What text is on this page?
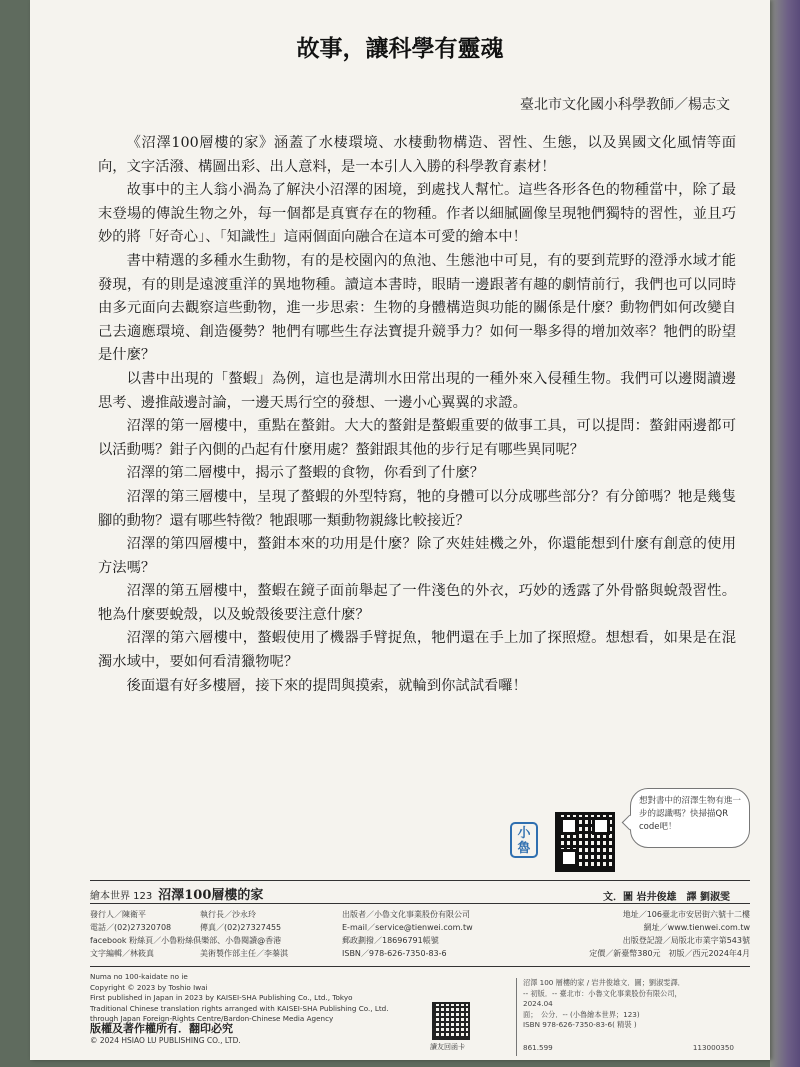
故事，讓科學有靈魂
臺北市文化國小科學教師／楊志文

《沼澤100層樓的家》涵蓋了水棲環境、水棲動物構造、習性、生態，以及異國文化風情等面向，文字活潑、構圖出彩、出人意料，是一本引人入勝的科學教育素材！

故事中的主人翁小渦為了解決小沼澤的困境，到處找人幫忙。這些各形各色的物種當中，除了最末登場的傳說生物之外，每一個都是真實存在的物種。作者以細膩圖像呈現牠們獨特的習性，並且巧妙的將「好奇心」、「知識性」這兩個面向融合在這本可愛的繪本中！

書中精選的多種水生動物，有的是校園內的魚池、生態池中可見，有的要到荒野的澄淨水域才能發現，有的則是遠渡重洋的異地物種。讀這本書時，眼睛一邊跟著有趣的劇情前行，我們也可以同時由多元面向去觀察這些動物，進一步思索：生物的身體構造與功能的關係是什麼？動物們如何改變自己去適應環境、創造優勢？牠們有哪些生存法寶提升競爭力？如何一舉多得的增加效率？牠們的盼望是什麼？

以書中出現的「螯蝦」為例，這也是溝圳水田常出現的一種外來入侵種生物。我們可以邊閱讀邊思考、邊推敲邊討論，一邊天馬行空的發想、一邊小心翼翼的求證。

沼澤的第一層樓中，重點在螯鉗。大大的螯鉗是螯蝦重要的做事工具，可以提問：螯鉗兩邊都可以活動嗎？鉗子內側的凸起有什麼用處？螯鉗跟其他的步行足有哪些異同呢？

沼澤的第二層樓中，揭示了螯蝦的食物，你看到了什麼？

沼澤的第三層樓中，呈現了螯蝦的外型特寫，牠的身體可以分成哪些部分？有分節嗎？牠是幾隻腳的動物？還有哪些特徵？牠跟哪一類動物親緣比較接近？

沼澤的第四層樓中，螯鉗本來的功用是什麼？除了夾娃娃機之外，你還能想到什麼有創意的使用方法嗎？

沼澤的第五層樓中，螯蝦在鏡子面前舉起了一件淺色的外衣，巧妙的透露了外骨骼與蛻殼習性。牠為什麼要蛻殼，以及蛻殼後要注意什麼？

沼澤的第六層樓中，螯蝦使用了機器手臂捉魚，牠們還在手上加了探照燈。想想看，如果是在混濁水域中，要如何看清獵物呢？

後面還有好多樓層，接下來的提問與摸索，就輪到你試試看囉！

想對書中的沼澤生物有進一步的認識嗎？快掃描QR code吧！
小魯
繪本世界 123 沼澤100層樓的家	文．圖 岩井俊雄　譯 劉淑雯
發行人／陳衛平
電話／(02)27320708
facebook 粉絲頁／小魯粉絲俱樂部、小魯閱讀@香港
文字編輯／林筱真
執行長／沙永玲
傳真／(02)27327455

美術製作部主任／李蓁淇
出版者／小魯文化事業股份有限公司
E-mail／service@tienwei.com.tw
郵政劃撥／18696791帳號
ISBN／978-626-7350-83-6
地址／106臺北市安居街六號十二樓
網址／www.tienwei.com.tw
出版登記證／局版北市業字第543號
定價／新臺幣380元　初版／西元2024年4月
Numa no 100-kaidate no ie
Copyright © 2023 by Toshio Iwai
First published in Japan in 2023 by KAISEI-SHA Publishing Co., Ltd., Tokyo
Traditional Chinese translation rights arranged with KAISEI-SHA Publishing Co., Ltd.
through Japan Foreign-Rights Centre/Bardon-Chinese Media Agency
版權及著作權所有．翻印必究
© 2024 HSIAO LU PUBLISHING CO., LTD.
讀友回函卡
沼澤 100 層樓的家 / 岩井俊雄文．圖；劉淑雯譯．
-- 初版．-- 臺北市：小魯文化事業股份有限公司，
2024.04
面；　公分．-- (小魯繪本世界；123)
ISBN 978-626-7350-83-6( 精裝 )
861.599	113000350
